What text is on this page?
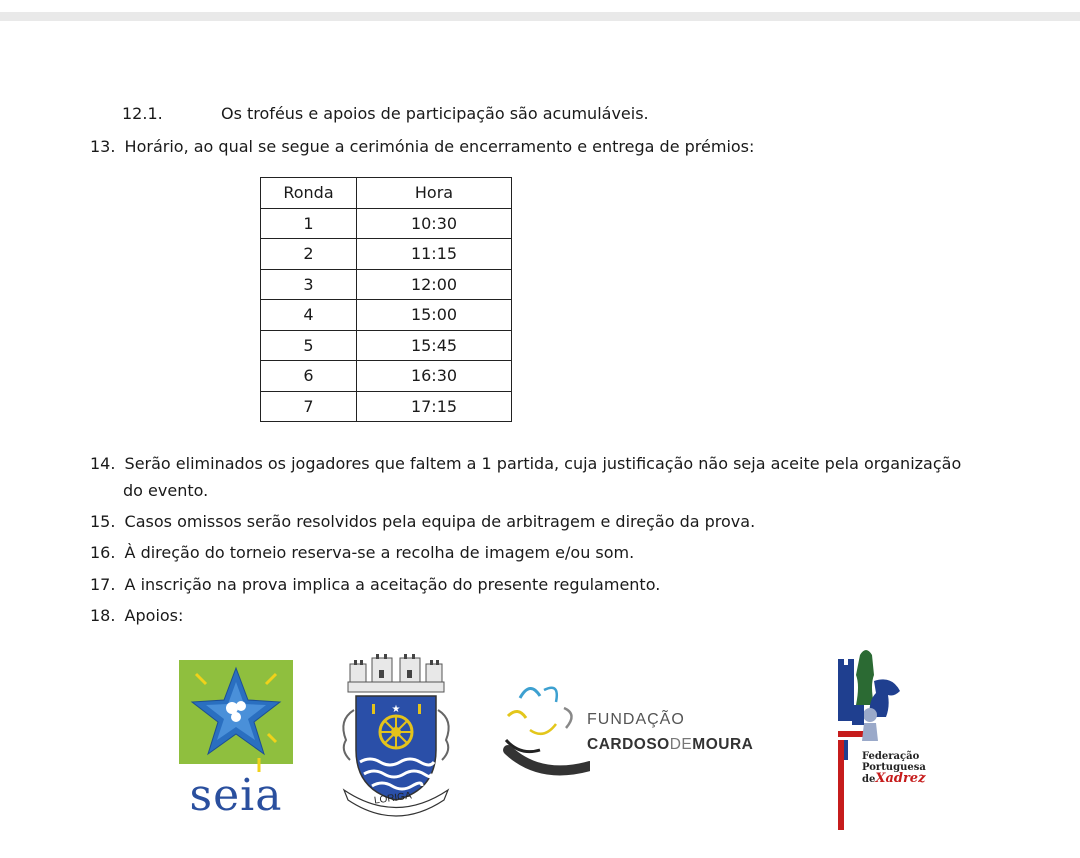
12.1.	Os troféus e apoios de participação são acumuláveis.
13. Horário, ao qual se segue a cerimónia de encerramento e entrega de prémios:
Ronda	Hora
1	10:30
2	11:15
3	12:00
4	15:00
5	15:45
6	16:30
7	17:15
14. Serão eliminados os jogadores que faltem a 1 partida, cuja justificação não seja aceite pela organização
do evento.
15. Casos omissos serão resolvidos pela equipa de arbitragem e direção da prova.
16. À direção do torneio reserva-se a recolha de imagem e/ou som.
17. A inscrição na prova implica a aceitação do presente regulamento.
18. Apoios:
seia
★
LORIGA
FUNDAÇÃO
CARDOSODEMOURA
Federação
Portuguesa
deXadrez
